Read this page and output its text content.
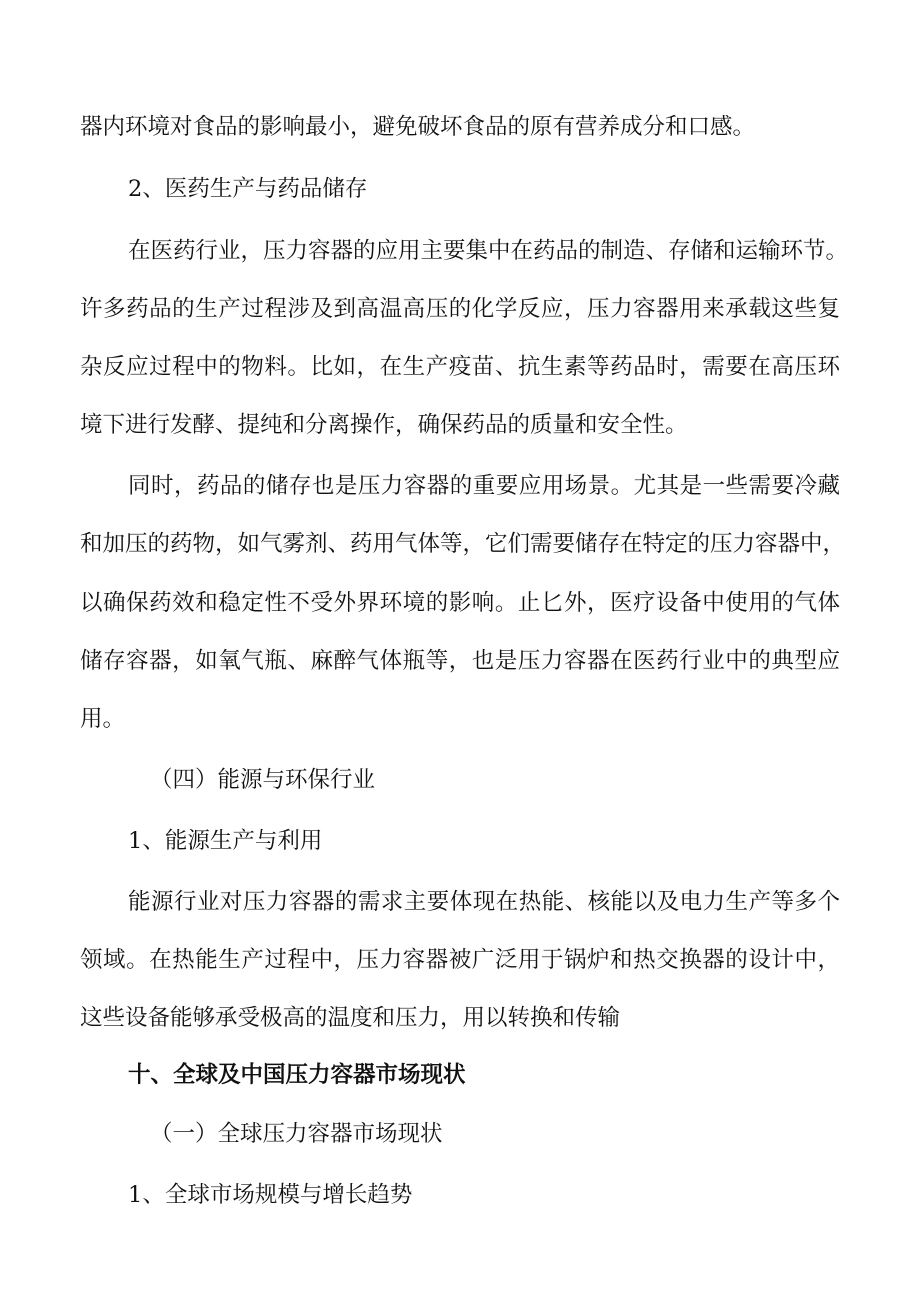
器内环境对食品的影响最小，避免破坏食品的原有营养成分和口感。

2、医药生产与药品储存

在医药行业，压力容器的应用主要集中在药品的制造、存储和运输环节。

许多药品的生产过程涉及到高温高压的化学反应，压力容器用来承载这些复

杂反应过程中的物料。比如，在生产疫苗、抗生素等药品时，需要在高压环

境下进行发酵、提纯和分离操作，确保药品的质量和安全性。

同时，药品的储存也是压力容器的重要应用场景。尤其是一些需要冷藏

和加压的药物，如气雾剂、药用气体等，它们需要储存在特定的压力容器中，

以确保药效和稳定性不受外界环境的影响。止匕外，医疗设备中使用的气体

储存容器，如氧气瓶、麻醉气体瓶等，也是压力容器在医药行业中的典型应

用。

（四）能源与环保行业

1、能源生产与利用

能源行业对压力容器的需求主要体现在热能、核能以及电力生产等多个

领域。在热能生产过程中，压力容器被广泛用于锅炉和热交换器的设计中，

这些设备能够承受极高的温度和压力，用以转换和传输

十、全球及中国压力容器市场现状

（一）全球压力容器市场现状

1、全球市场规模与增长趋势
